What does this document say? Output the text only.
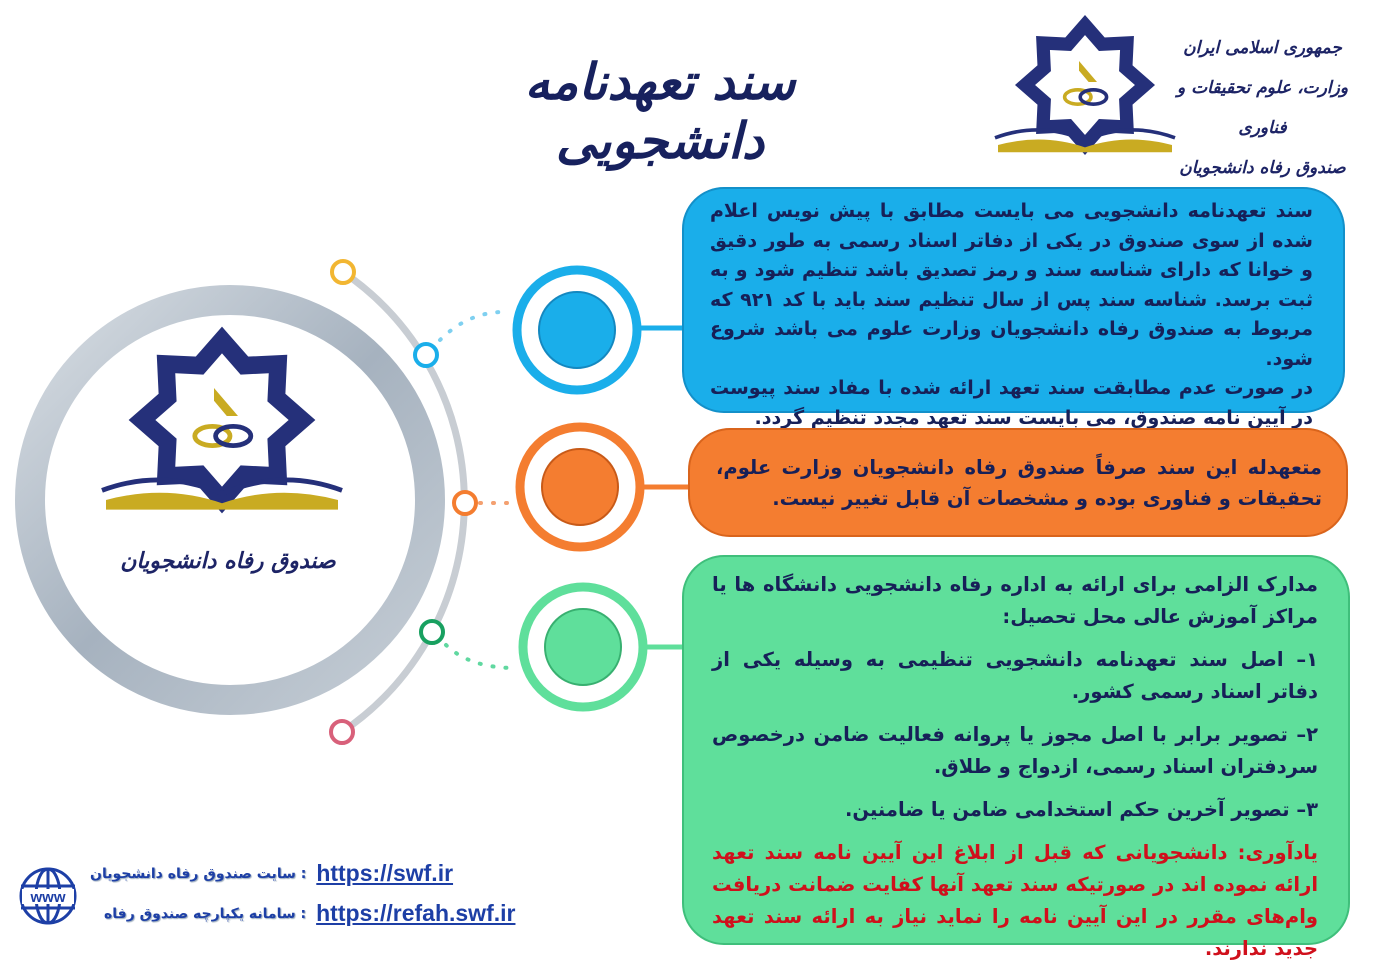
www
سند تعهدنامه دانشجویی
جمهوری اسلامی ایران
وزارت، علوم تحقیقات و فناوری
صندوق رفاه دانشجویان
صندوق رفاه دانشجویان

سند تعهدنامه دانشجویی می بایست مطابق با پیش نویس اعلام شده از سوی صندوق در یکی از دفاتر اسناد رسمی به طور دقیق و خوانا که دارای شناسه سند و رمز تصدیق باشد تنظیم شود و به ثبت برسد. شناسه سند پس از سال تنظیم سند باید با کد ۹۲۱ که مربوط به صندوق رفاه دانشجویان وزارت علوم می باشد شروع شود.

در صورت عدم مطابقت سند تعهد ارائه شده با مفاد سند پیوست در آیین نامه صندوق، می بایست سند تعهد مجدد تنظیم گردد.

متعهدله این سند صرفاً صندوق رفاه دانشجویان وزارت علوم، تحقیقات و فناوری بوده و مشخصات آن قابل تغییر نیست.

مدارک الزامی برای ارائه به اداره رفاه دانشجویی دانشگاه ها یا مراکز آموزش عالی محل تحصیل:

۱– اصل سند تعهدنامه دانشجویی تنظیمی به وسیله یکی از دفاتر اسناد رسمی کشور.

۲– تصویر برابر با اصل مجوز یا پروانه فعالیت ضامن درخصوص سردفتران اسناد رسمی، ازدواج و طلاق.

۳– تصویر آخرین حکم استخدامی ضامن یا ضامنین.

یادآوری: دانشجویانی که قبل از ابلاغ این آیین نامه سند تعهد ارائه نموده اند در صورتیکه سند تعهد آنها کفایت ضمانت دریافت وام‌های مقرر در این آیین نامه را نماید نیاز به ارائه سند تعهد جدید ندارند.

: سایت صندوق رفاه دانشجویان https://swf.ir
: سامانه یکپارچه صندوق رفاه https://refah.swf.ir
